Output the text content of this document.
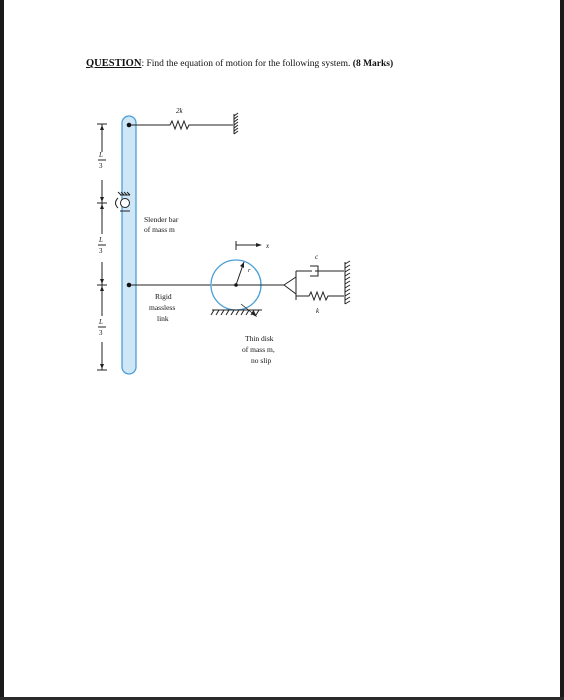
QUESTION: Find the equation of motion for the following system. (8 Marks)
2k
L
3
L
3
L
3
Slender bar
of mass m
Rigid
massless
link
r
x
Thin disk
of mass m,
no slip
c
k
